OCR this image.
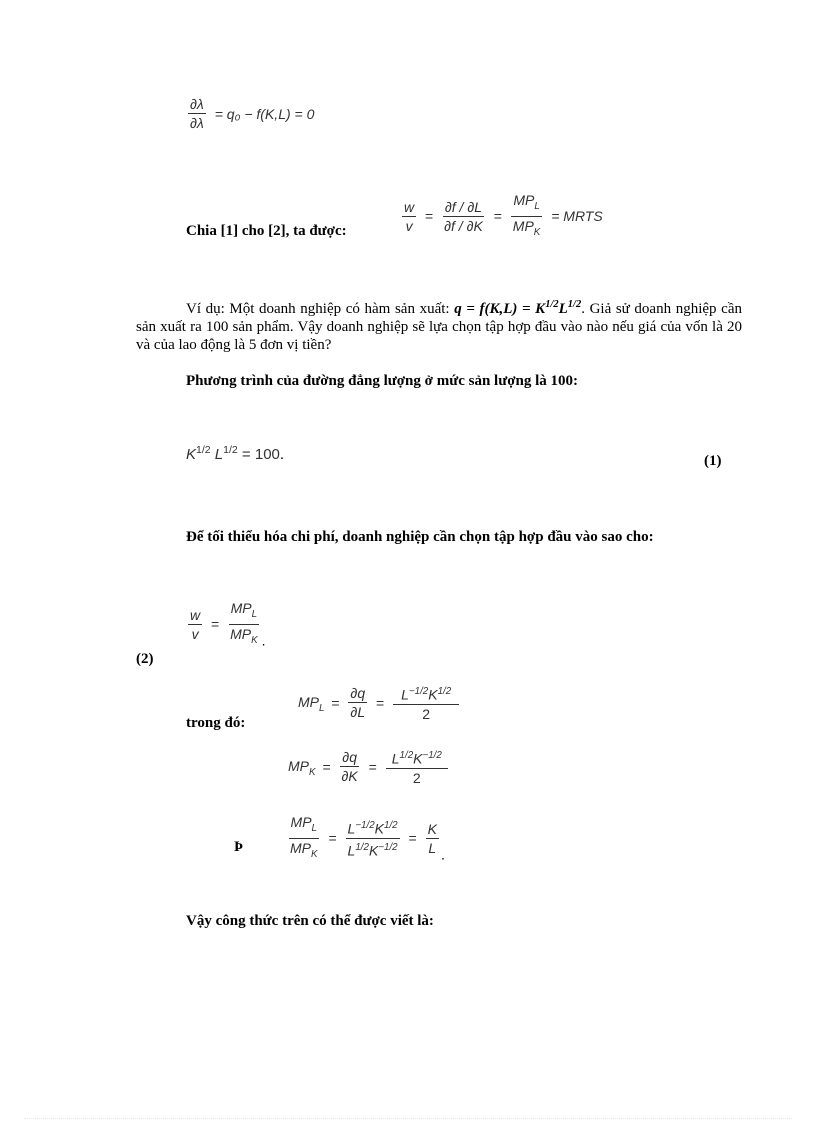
$\frac{\partial\lambda}{\partial\lambda} = q_0 - f(K,L) = 0$
Chia [1] cho [2], ta được:	$\frac{w}{v} = \frac{\partial f / \partial L}{\partial f / \partial K} = \frac{MP_L}{MP_K}$ = MRTS
Ví dụ: Một doanh nghiệp có hàm sản xuất: $q = f(K,L) = K^{1/2}L^{1/2}$. Giả sử doanh nghiệp cần sản xuất ra 100 sản phẩm. Vậy doanh nghiệp sẽ lựa chọn tập hợp đầu vào nào nếu giá của vốn là 20 và của lao động là 5 đơn vị tiền?
Phương trình của đường đẳng lượng ở mức sản lượng là 100:
$K^{1/2}$ $L^{1/2} = 100$.	(1)
Để tối thiểu hóa chi phí, doanh nghiệp cần chọn tập hợp đầu vào sao cho:
$\frac{w}{v} = \frac{MP_L}{MP_K}$ .
(2)
$MP_L = \frac{\partial q}{\partial L} = \frac{L^{-1/2}K^{1/2}}{2}$
trong đó:
$MP_K = \frac{\partial q}{\partial K} = \frac{L^{1/2}K^{-1/2}}{2}$
Þ	$\frac{MP_L}{MP_K} = \frac{L^{-1/2}K^{1/2}}{L^{1/2}K^{-1/2}} = \frac{K}{L}$ .
Vậy công thức trên có thể được viết là:
